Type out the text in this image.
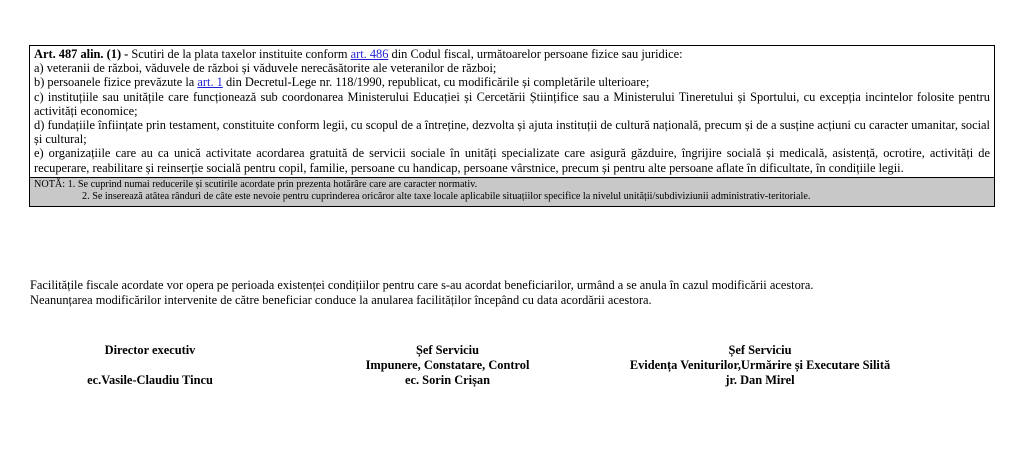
Art. 487 alin. (1) - Scutiri de la plata taxelor instituite conform art. 486 din Codul fiscal, următoarelor persoane fizice sau juridice:

a) veteranii de război, văduvele de război și văduvele nerecăsătorite ale veteranilor de război;

b) persoanele fizice prevăzute la art. 1 din Decretul-Lege nr. 118/1990, republicat, cu modificările și completările ulterioare;

c) instituțiile sau unitățile care funcționează sub coordonarea Ministerului Educației și Cercetării Științifice sau a Ministerului Tineretului și Sportului, cu excepția incintelor folosite pentru activități economice;

d) fundațiile înființate prin testament, constituite conform legii, cu scopul de a întreține, dezvolta și ajuta instituții de cultură națională, precum și de a susține acțiuni cu caracter umanitar, social și cultural;

e) organizațiile care au ca unică activitate acordarea gratuită de servicii sociale în unități specializate care asigură găzduire, îngrijire socială și medicală, asistență, ocrotire, activități de recuperare, reabilitare și reinserție socială pentru copil, familie, persoane cu handicap, persoane vârstnice, precum și pentru alte persoane aflate în dificultate, în condițiile legii.

NOTĂ: 1. Se cuprind numai reducerile și scutirile acordate prin prezenta hotărâre care are caracter normativ.

2. Se inserează atâtea rânduri de câte este nevoie pentru cuprinderea oricăror alte taxe locale aplicabile situațiilor specifice la nivelul unității/subdiviziunii administrativ-teritoriale.

Facilitățile fiscale acordate vor opera pe perioada existenței condițiilor pentru care s-au acordat beneficiarilor, urmând a se anula în cazul modificării acestora.

Neanunțarea modificărilor intervenite de către beneficiar conduce la anularea facilităților începând cu data acordării acestora.

Director executiv

ec.Vasile-Claudiu Tincu
Șef Serviciu
Impunere, Constatare, Control
ec. Sorin Crișan
Șef Serviciu
Evidența Veniturilor,Urmărire și Executare Silită
jr. Dan Mirel
